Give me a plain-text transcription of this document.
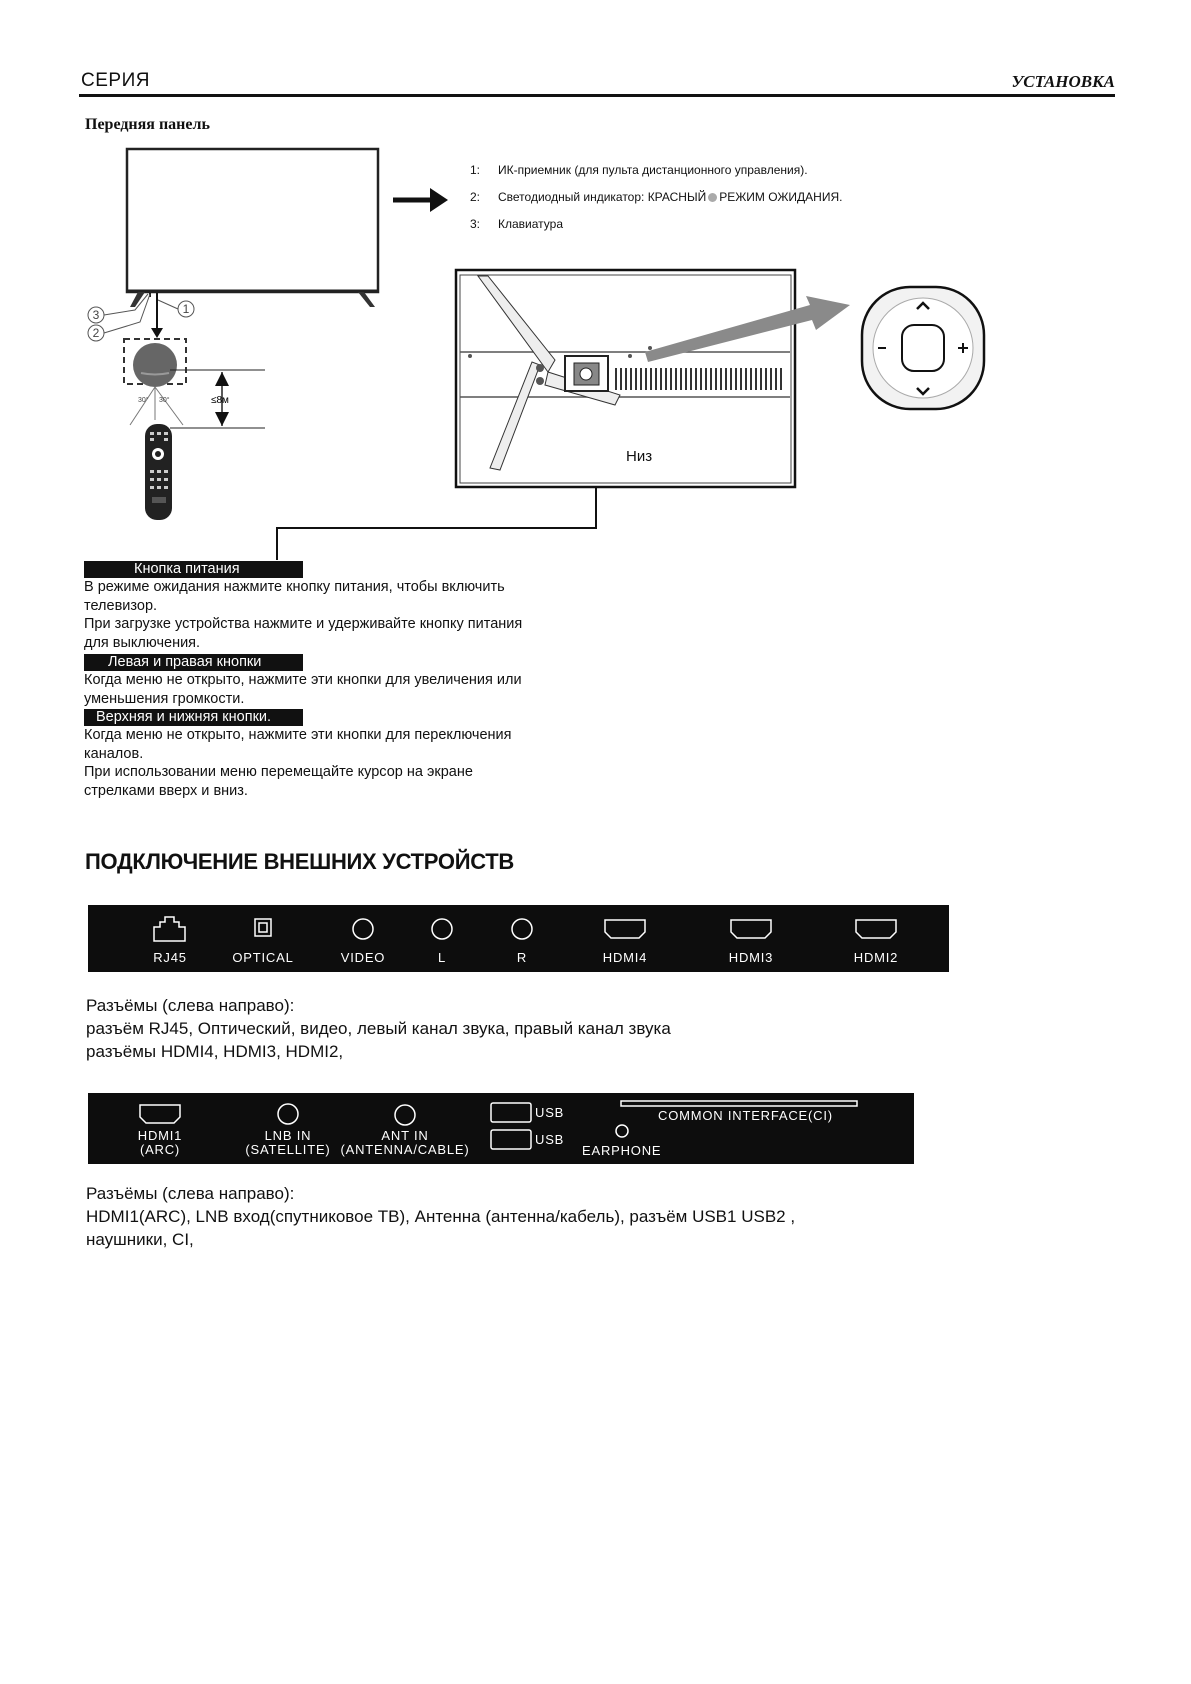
СЕРИЯ	УСТАНОВКА
Передняя панель
1: ИК-приемник (для пульта дистанционного управления).
2: Светодиодный индикатор: КРАСНЫЙ РЕЖИМ ОЖИДАНИЯ.
3: Клавиатура
1
3
2
≤8м
30° 30°
Низ
Кнопка питания
В режиме ожидания нажмите кнопку питания, чтобы включить
телевизор.
При загрузке устройства нажмите и удерживайте кнопку питания
для выключения.
Левая и правая кнопки
Когда меню не открыто, нажмите эти кнопки для увеличения или
уменьшения громкости.
Верхняя и нижняя кнопки.
Когда меню не открыто, нажмите эти кнопки для переключения
каналов.
При использовании меню перемещайте курсор на экране
стрелками вверх и вниз.
ПОДКЛЮЧЕНИЕ ВНЕШНИХ УСТРОЙСТВ
RJ45	OPTICAL	VIDEO	L	R	HDMI4	HDMI3	HDMI2
Разъёмы (слева направо):
разъём RJ45, Оптический, видео, левый канал звука, правый канал звука
разъёмы HDMI4, HDMI3, HDMI2,
HDMI1
(ARC)
LNB IN
(SATELLITE)
ANT IN
(ANTENNA/CABLE)
USB
USB
EARPHONE
COMMON INTERFACE(CI)
Разъёмы (слева направо):
HDMI1(ARC), LNB вход(спутниковое ТВ), Антенна (антенна/кабель), разъём USB1 USB2 ,
наушники, CI,
